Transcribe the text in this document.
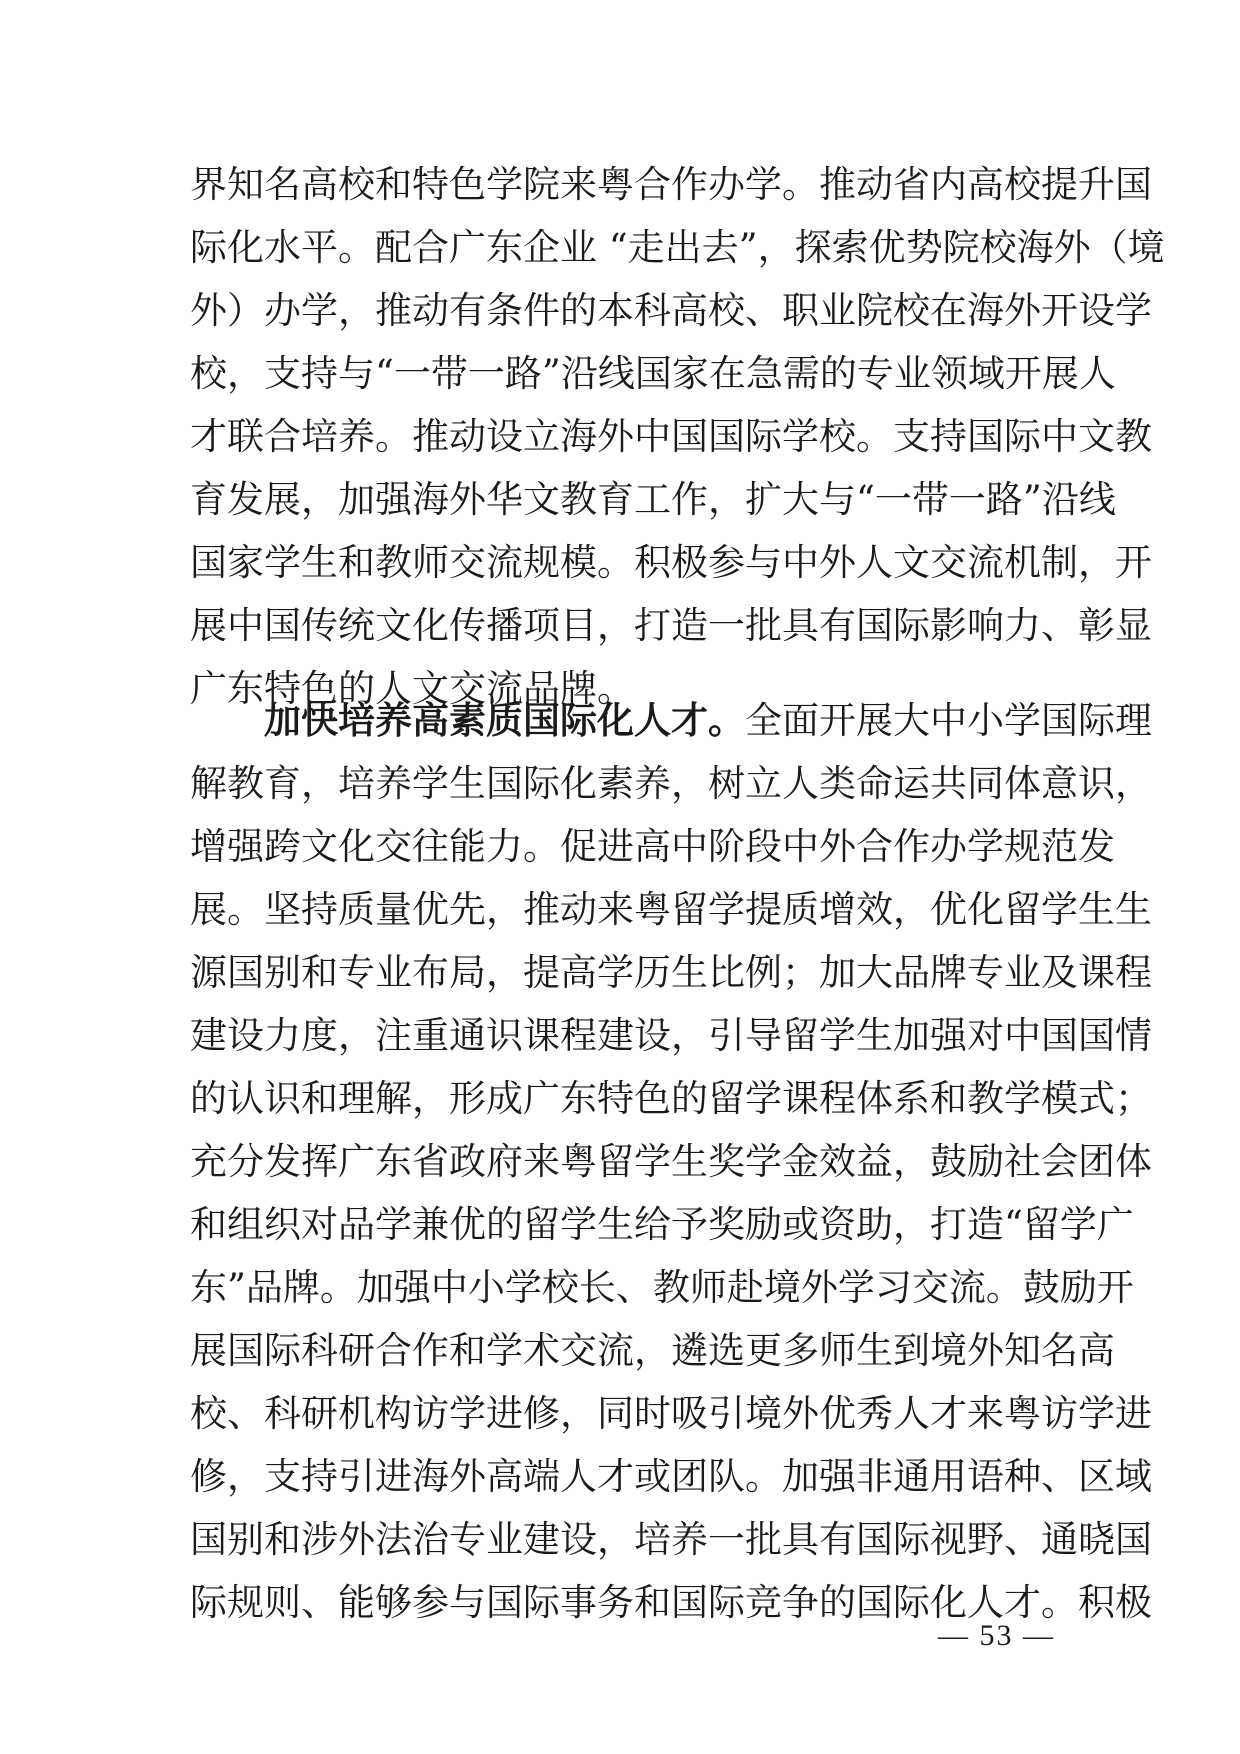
界知名高校和特色学院来粤合作办学。推动省内高校提升国
际化水平。配合广东企业 “走出去”，探索优势院校海外（境
外）办学，推动有条件的本科高校、职业院校在海外开设学
校，支持与“一带一路”沿线国家在急需的专业领域开展人
才联合培养。推动设立海外中国国际学校。支持国际中文教
育发展，加强海外华文教育工作，扩大与“一带一路”沿线
国家学生和教师交流规模。积极参与中外人文交流机制，开
展中国传统文化传播项目，打造一批具有国际影响力、彰显
广东特色的人文交流品牌。
加快培养高素质国际化人才。全面开展大中小学国际理
解教育，培养学生国际化素养，树立人类命运共同体意识，
增强跨文化交往能力。促进高中阶段中外合作办学规范发
展。坚持质量优先，推动来粤留学提质增效，优化留学生生
源国别和专业布局，提高学历生比例；加大品牌专业及课程
建设力度，注重通识课程建设，引导留学生加强对中国国情
的认识和理解，形成广东特色的留学课程体系和教学模式；
充分发挥广东省政府来粤留学生奖学金效益，鼓励社会团体
和组织对品学兼优的留学生给予奖励或资助，打造“留学广
东”品牌。加强中小学校长、教师赴境外学习交流。鼓励开
展国际科研合作和学术交流，遴选更多师生到境外知名高
校、科研机构访学进修，同时吸引境外优秀人才来粤访学进
修，支持引进海外高端人才或团队。加强非通用语种、区域
国别和涉外法治专业建设，培养一批具有国际视野、通晓国
际规则、能够参与国际事务和国际竞争的国际化人才。积极
— 53 —
